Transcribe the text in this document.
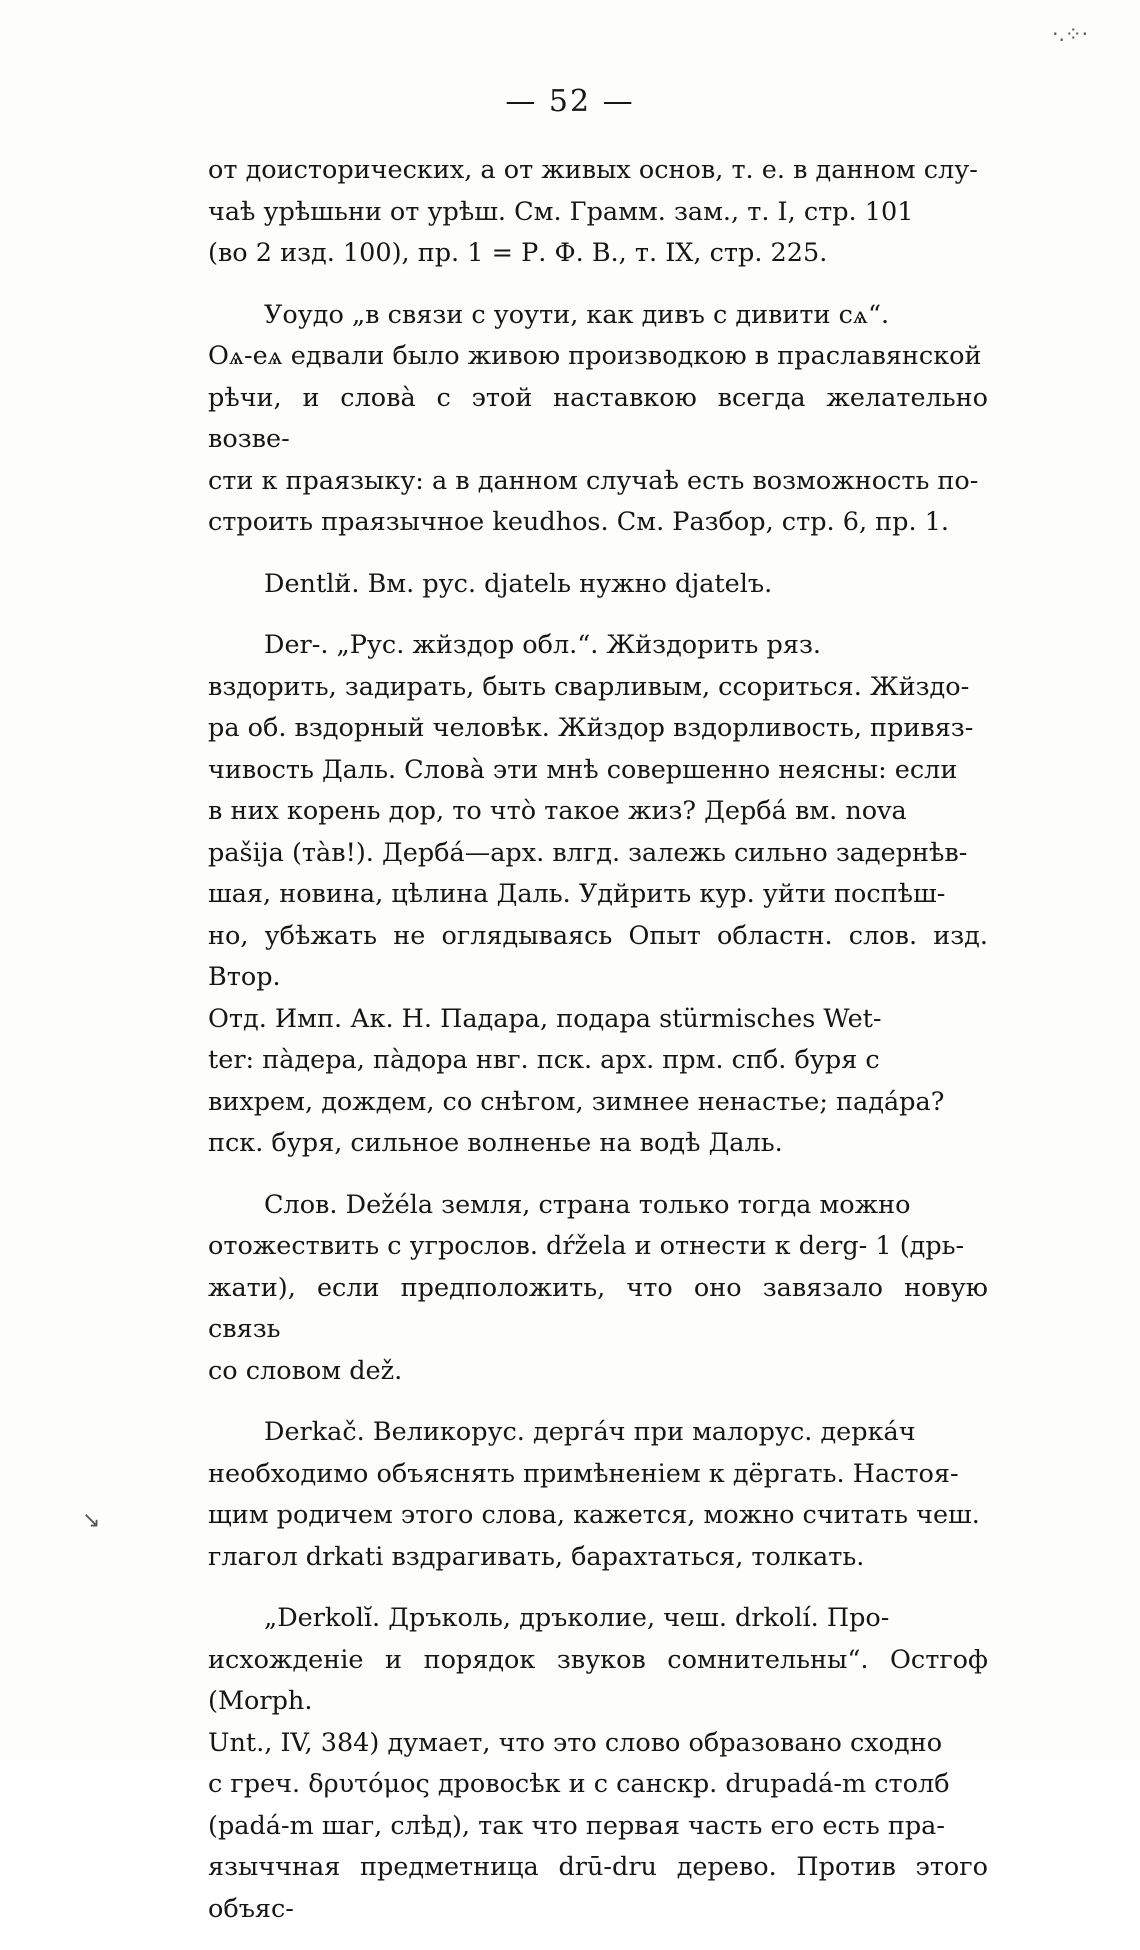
— 52 —
·.⁘·
↘

от доисторических, а от живых основ, т. е. в данном слу-
чаѣ урѣшьни от урѣш. См. Грамм. зам., т. I, стр. 101
(во 2 изд. 100), пр. 1 = Р. Ф. В., т. IX, стр. 225.

Уоудо „в связи с уоути, как дивъ с дивити сѧ“.
Оѧ-еѧ едвали было живою производкою в праславянской
рѣчи, и словà с этой наставкою всегда желательно возве-
сти к праязыку: а в данном случаѣ есть возможность по-
строить праязычное keudhos. См. Разбор, стр. 6, пр. 1.

Dentlй. Вм. рус. djatelь нужно djatelъ.

Der-. „Рус. жйздор обл.“. Жйздорить ряз.
вздорить, задирать, быть сварливым, ссориться. Жйздо-
ра об. вздорный человѣк. Жйздор вздорливость, привяз-
чивость Даль. Словà эти мнѣ совершенно неясны: если
в них корень дор, то что̀ такое жиз? Дерба́ вм. nova
pašija (та̀в!). Дерба́—арх. влгд. залежь сильно задернѣв-
шая, новина, цѣлина Даль. Удйрить кур. уйти поспѣш-
но, убѣжать не оглядываясь Опыт областн. слов. изд. Втор.
Отд. Имп. Ак. Н. Падара, подара stürmisches Wet-
ter: па̀дера, па̀дора нвг. пск. арх. прм. спб. буря с
вихрем, дождем, со снѣгом, зимнее ненастье; пада́ра?
пск. буря, сильное волненье на водѣ Даль.

Слов. Dežéla земля, страна только тогда можно
отожествить с угрослов. dŕžela и отнести к derg- 1 (дрь-
жати), если предположить, что оно завязало новую связь
со словом dež.

Derkač. Великорус. дергáч при малорус. деркáч
необходимо объяснять примѣненіем к дёргать. Настоя-
щим родичем этого слова, кажется, можно считать чеш.
глагол drkati вздрагивать, барахтаться, толкать.

„Derkolĭ. Дръколь, дръколие, чеш. drkolí. Про-
исхожденіе и порядок звуков сомнительны“. Остгоф (Morph.
Unt., IV, 384) думает, что это слово образовано сходно
с греч. δρυτόμος дровосѣк и с санскр. drupadá-m столб
(padá-m шаг, слѣд), так что первая часть его есть пра-
языччная предметница drū-dru дерево. Против этого объяс-
